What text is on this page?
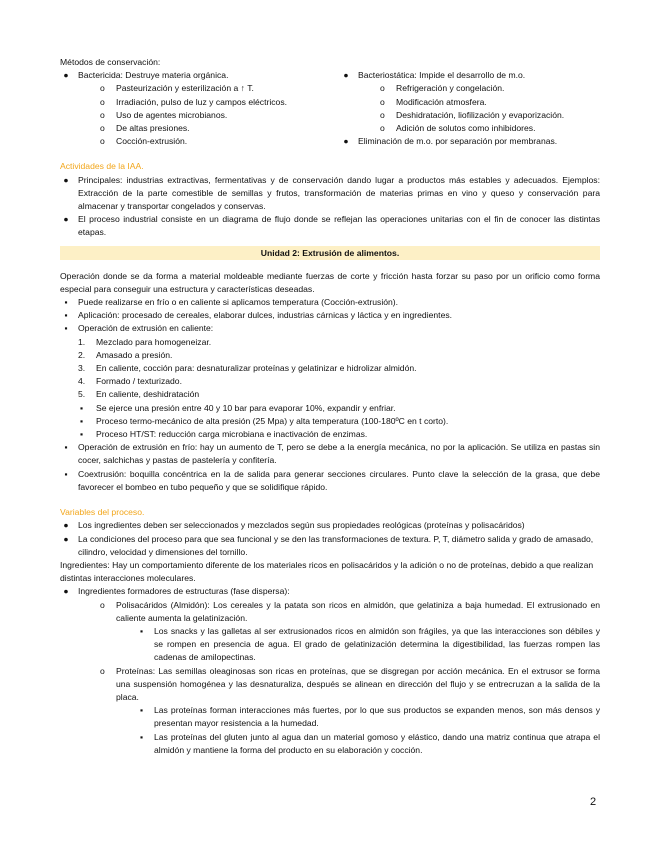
Métodos de conservación:

●	Bactericida: Destruye materia orgánica.
o Pasteurización y esterilización a ↑ T.
o Irradiación, pulso de luz y campos eléctricos.
o Uso de agentes microbianos.
o De altas presiones.
o Cocción-extrusión.
●	Bacteriostática: Impide el desarrollo de m.o.
o Refrigeración y congelación.
o Modificación atmosfera.
o Deshidratación, liofilización y evaporización.
o Adición de solutos como inhibidores.
●	Eliminación de m.o. por separación por membranas.

Actividades de la IAA.

●	Principales: industrias extractivas, fermentativas y de conservación dando lugar a productos más estables y adecuados. Ejemplos: Extracción de la parte comestible de semillas y frutos, transformación de materias primas en vino y queso y conservación para almacenar y transportar congelados y conservas.
●	El proceso industrial consiste en un diagrama de flujo donde se reflejan las operaciones unitarias con el fin de conocer las distintas etapas.
Unidad 2: Extrusión de alimentos.

Operación donde se da forma a material moldeable mediante fuerzas de corte y fricción hasta forzar su paso por un orificio como forma especial para conseguir una estructura y características deseadas.

▪	Puede realizarse en frío o en caliente si aplicamos temperatura (Cocción-extrusión).
▪	Aplicación: procesado de cereales, elaborar dulces, industrias cárnicas y láctica y en ingredientes.
▪	Operación de extrusión en caliente:
1. Mezclado para homogeneizar.
2. Amasado a presión.
3. En caliente, cocción para: desnaturalizar proteínas y gelatinizar e hidrolizar almidón.
4. Formado / texturizado.
5. En caliente, deshidratación
▪ Se ejerce una presión entre 40 y 10 bar para evaporar 10%, expandir y enfriar.
▪ Proceso termo-mecánico de alta presión (25 Mpa) y alta temperatura (100-180ºC en t corto).
▪ Proceso HT/ST: reducción carga microbiana e inactivación de enzimas.
▪	Operación de extrusión en frío: hay un aumento de T, pero se debe a la energía mecánica, no por la aplicación. Se utiliza en pastas sin cocer, salchichas y pastas de pastelería y confitería.
▪	Coextrusión: boquilla concéntrica en la de salida para generar secciones circulares. Punto clave la selección de la grasa, que debe favorecer el bombeo en tubo pequeño y que se solidifique rápido.

Variables del proceso.

●	Los ingredientes deben ser seleccionados y mezclados según sus propiedades reológicas (proteínas y polisacáridos)
●	La condiciones del proceso para que sea funcional y se den las transformaciones de textura. P, T, diámetro salida y grado de amasado, cilindro, velocidad y dimensiones del tornillo.

Ingredientes: Hay un comportamiento diferente de los materiales ricos en polisacáridos y la adición o no de proteínas, debido a que realizan distintas interacciones moleculares.

●	Ingredientes formadores de estructuras (fase dispersa):
o Polisacáridos (Almidón): Los cereales y la patata son ricos en almidón, que gelatiniza a baja humedad. El extrusionado en caliente aumenta la gelatinización.
▪ Los snacks y las galletas al ser extrusionados ricos en almidón son frágiles, ya que las interacciones son débiles y se rompen en presencia de agua. El grado de gelatinización determina la digestibilidad, las fuerzas rompen las cadenas de amilopectinas.
o Proteínas: Las semillas oleaginosas son ricas en proteínas, que se disgregan por acción mecánica. En el extrusor se forma una suspensión homogénea y las desnaturaliza, después se alinean en dirección del flujo y se entrecruzan a la salida de la placa.
▪ Las proteínas forman interacciones más fuertes, por lo que sus productos se expanden menos, son más densos y presentan mayor resistencia a la humedad.
▪ Las proteínas del gluten junto al agua dan un material gomoso y elástico, dando una matriz continua que atrapa el almidón y mantiene la forma del producto en su elaboración y cocción.
2
